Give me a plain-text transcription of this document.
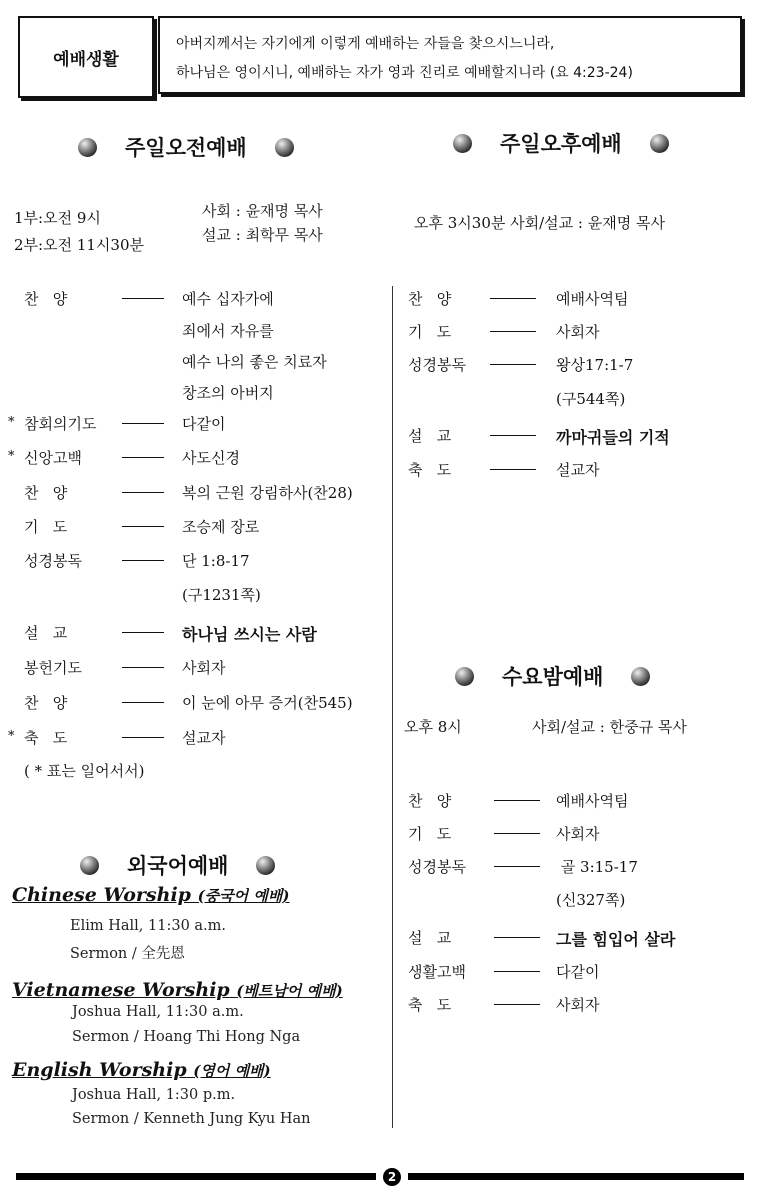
예배생활
아버지께서는 자기에게 이렇게 예배하는 자들을 찾으시느니라,
하나님은 영이시니, 예배하는 자가 영과 진리로 예배할지니라 (요 4:23-24)
주일오전예배
1부:오전 9시
2부:오전 11시30분
사회 : 윤재명 목사
설교 : 최학무 목사
찬   양	예수 십자가에
죄에서 자유를
예수 나의 좋은 치료자
창조의 아버지
* 참회의기도	다같이
* 신앙고백	사도신경
찬   양	복의 근원 강림하사(찬28)
기   도	조승제 장로
성경봉독	단 1:8-17
(구1231쪽)
설   교	하나님 쓰시는 사람
봉헌기도	사회자
찬   양	이 눈에 아무 증거(찬545)
* 축   도	설교자
( * 표는 일어서서)
주일오후예배
오후 3시30분 사회/설교 : 윤재명 목사
찬   양	예배사역팀
기   도	사회자
성경봉독	왕상17:1-7
(구544쪽)
설   교	까마귀들의 기적
축   도	설교자
수요밤예배
오후 8시	사회/설교 : 한중규 목사
찬   양	예배사역팀
기   도	사회자
성경봉독	골 3:15-17
(신327쪽)
설   교	그를 힘입어 살라
생활고백	다같이
축   도	사회자
외국어예배
Chinese Worship (중국어 예배)
Elim Hall, 11:30 a.m.
Sermon / 全先恩
Vietnamese Worship (베트남어 예배)
Joshua Hall, 11:30 a.m.
Sermon / Hoang Thi Hong Nga
English Worship (영어 예배)
Joshua Hall, 1:30 p.m.
Sermon / Kenneth Jung Kyu Han
2
